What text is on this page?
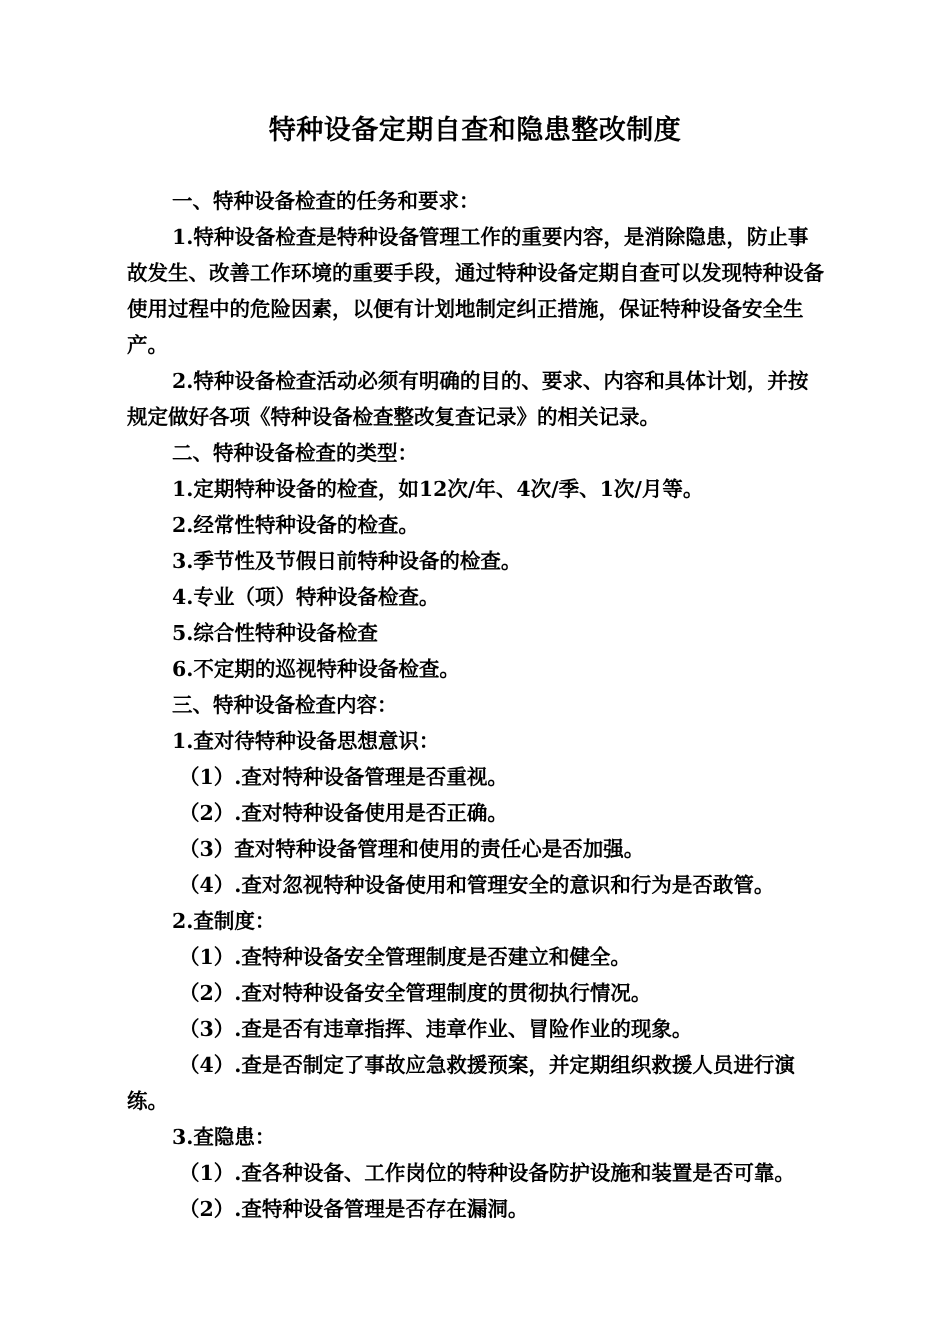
特种设备定期自查和隐患整改制度

一、特种设备检查的任务和要求：

1.特种设备检查是特种设备管理工作的重要内容，是消除隐患，防止事故发生、改善工作环境的重要手段，通过特种设备定期自查可以发现特种设备使用过程中的危险因素，以便有计划地制定纠正措施，保证特种设备安全生产。

2.特种设备检查活动必须有明确的目的、要求、内容和具体计划，并按规定做好各项《特种设备检查整改复查记录》的相关记录。

二、特种设备检查的类型：

1.定期特种设备的检查，如12次/年、4次/季、1次/月等。

2.经常性特种设备的检查。

3.季节性及节假日前特种设备的检查。

4.专业（项）特种设备检查。

5.综合性特种设备检查

6.不定期的巡视特种设备检查。

三、特种设备检查内容：

1.查对待特种设备思想意识：

（1）.查对特种设备管理是否重视。

（2）.查对特种设备使用是否正确。

（3）查对特种设备管理和使用的责任心是否加强。

（4）.查对忽视特种设备使用和管理安全的意识和行为是否敢管。

2.查制度：

（1）.查特种设备安全管理制度是否建立和健全。

（2）.查对特种设备安全管理制度的贯彻执行情况。

（3）.查是否有违章指挥、违章作业、冒险作业的现象。

（4）.查是否制定了事故应急救援预案，并定期组织救援人员进行演练。

3.查隐患：

（1）.查各种设备、工作岗位的特种设备防护设施和装置是否可靠。

（2）.查特种设备管理是否存在漏洞。
